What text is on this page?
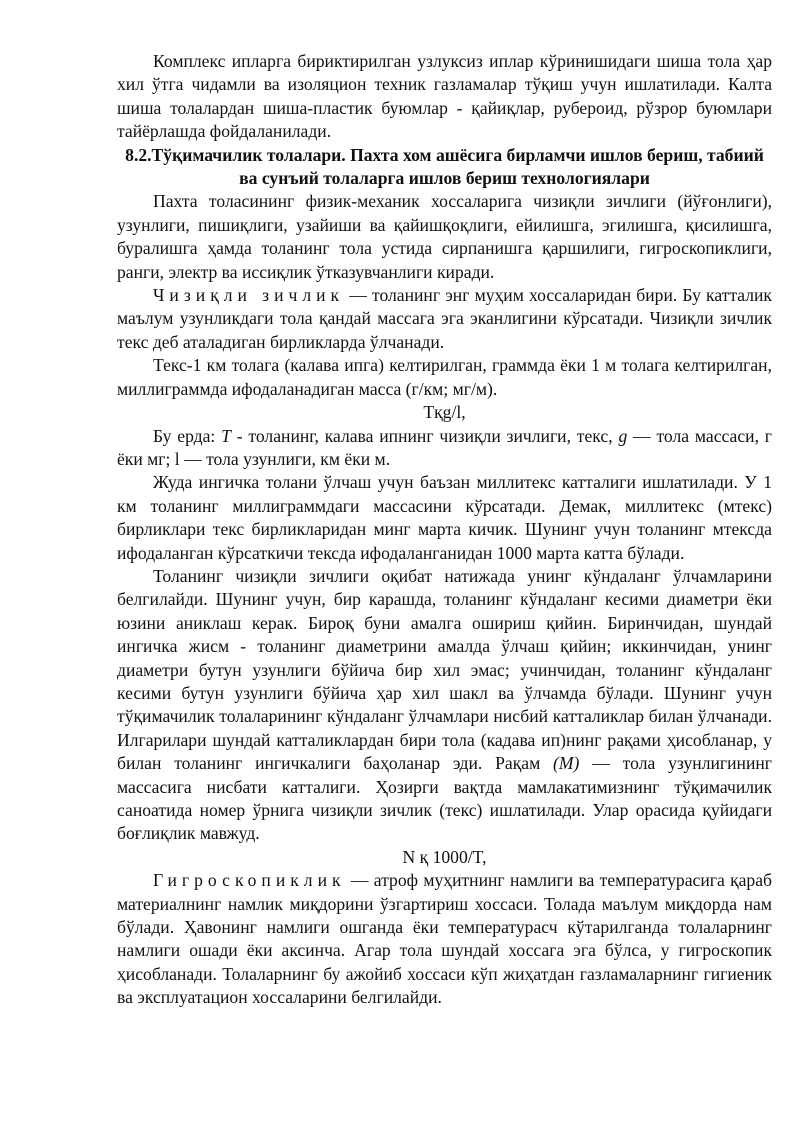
Комплекс ипларга бириктирилган узлуксиз иплар кўринишидаги шиша тола ҳар хил ўтга чидамли ва изоляцион техник газламалар тўқиш учун ишлатилади. Калта шиша толалардан шиша-пластик буюмлар - қайиқлар, рубероид, рўзрор буюмлари тайёрлашда фойдаланилади.

8.2.Тўқимачилик толалари. Пахта хом ашёсига бирламчи ишлов бериш, табиий ва сунъий толаларга ишлов бериш технологиялари

Пахта толасининг физик-механик хоссаларига чизиқли зичлиги (йўғонлиги), узунлиги, пишиқлиги, узайиши ва қайишқоқлиги, ейилишга, эгилишга, қисилишга, буралишга ҳамда толанинг тола устида сирпанишга қаршилиги, гигроскопиклиги, ранги, электр ва иссиқлик ўтказувчанлиги киради.

Чизиқли зичлик — толанинг энг муҳим хоссаларидан бири. Бу катталик маълум узунликдаги тола қандай массага эга эканлигини кўрсатади. Чизиқли зичлик текс деб аталадиган бирликларда ўлчанади.

Текс-1 км толага (калава ипга) келтирилган, граммда ёки 1 м толага келтирилган, миллиграммда ифодаланадиган масса (г/км; мг/м).

Tқg/l,

Бу ерда: T - толанинг, калава ипнинг чизиқли зичлиги, текс, g — тола массаси, г ёки мг; l — тола узунлиги, км ёки м.

Жуда ингичка толани ўлчаш учун баъзан миллитекс катталиги ишлатилади. У 1 км толанинг миллиграммдаги массасини кўрсатади. Демак, миллитекс (мтекс) бирликлари текс бирликларидан минг марта кичик. Шунинг учун толанинг мтексда ифодаланган кўрсаткичи тексда ифодаланганидан 1000 марта катта бўлади.

Толанинг чизиқли зичлиги оқибат натижада унинг кўндаланг ўлчамларини белгилайди. Шунинг учун, бир карашда, толанинг кўндаланг кесими диаметри ёки юзини аниклаш керак. Бироқ буни амалга ошириш қийин. Биринчидан, шундай ингичка жисм - толанинг диаметрини амалда ўлчаш қийин; иккинчидан, унинг диаметри бутун узунлиги бўйича бир хил эмас; учинчидан, толанинг кўндаланг кесими бутун узунлиги бўйича ҳар хил шакл ва ўлчамда бўлади. Шунинг учун тўқимачилик толаларининг кўндаланг ўлчамлари нисбий катталиклар билан ўлчанади. Илгарилари шундай катталиклардан бири тола (кадава ип)нинг рақами ҳисобланар, у билан толанинг ингичкалиги баҳоланар эди. Рақам (M) — тола узунлигининг массасига нисбати катталиги. Ҳозирги вақтда мамлакатимизнинг тўқимачилик саноатида номер ўрнига чизиқли зичлик (текс) ишлатилади. Улар орасида қуйидаги боғлиқлик мавжуд.

N қ 1000/T,

Гигроскопиклик — атроф муҳитнинг намлиги ва температурасига қараб материалнинг намлик миқдорини ўзгартириш хоссаси. Толада маълум миқдорда нам бўлади. Ҳавонинг намлиги ошганда ёки температурасч кўтарилганда толаларнинг намлиги ошади ёки аксинча. Агар тола шундай хоссага эга бўлса, у гигроскопик ҳисобланади. Толаларнинг бу ажойиб хоссаси кўп жиҳатдан газламаларнинг гигиеник ва эксплуатацион хоссаларини белгилайди.
